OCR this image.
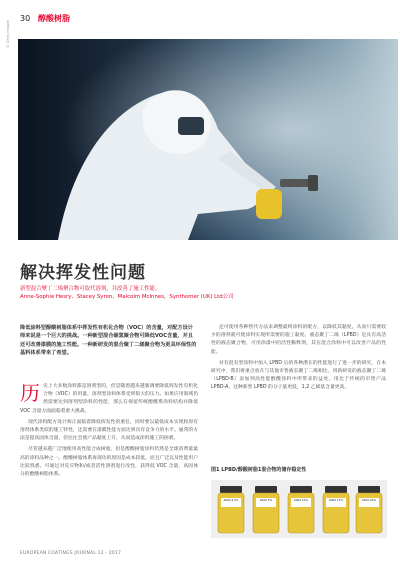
30 醇酸树脂
© Getty Images
解决挥发性问题
新型混合聚丁二烯聚合物可取代溶剂，并改善了施工性能。
Anne-Sophie Hesry、Stacey Syron、Malcolm McInnes，Synthomer (UK) Ltd公司
降低涂料型醇酸树脂体系中挥发性有机化合物（VOC）的含量，对配方设计师来说是一个巨大的挑战。一种新型混合碳氢聚合物可降低VOC含量，并且还可改善漆膜的施工性能。一种新研发的混合聚丁二烯聚合物为更具环保性的基料体系带来了希望。

历史上大多数涂料都是溶剂型的，但是随着越来越强调要降低挥发性有机化合物（VOC）的用量，溶剂型涂料体系受到很大的压力。如果应用领域仍然需要达到溶剂型涂料的性能，那么在保留传统醇酸系涂料结构并降低 VOC 含量方面面临着重大挑战。

现代涂料配方设计师正面临着降低挥发性的重任，同时要以最低成本实现和原有溶剂体系类似的施工特性，还需要在漆膜性能方面达到具有竞争力的水平。通常的方法是提高固体含量，但往往会使产品黏度上升，从而造成涂料施工的困难。

尽管越来越广泛地使用高性能合成树脂，但是醇酸树脂涂料仍然是全球消费量最高的涂料品种之一。醇酸树脂体系再现功的原因是成本较低，而且广泛以及性能用户比较熟悉。可通过对反应物和/或者活性溶剂进行改性，获得低 VOC 含量、高固体分的醇酸树脂体系。

还可使用各种替代方法来调整最终涂料的配方，以降低其黏度。从而只需要较少的溶剂就可使涂料实现所需要的施工黏度。液态聚丁二烯（LPBD）是具有高活性的液态聚合物，可用涂漆中的活性稀释剂，其在混合涂料中可以改善产品的性能。

对有混有型涂料中加入 LPBD 后的各种潜在的性能进行了进一步的研究，在本研究中，我们将重点放在与其他市售液态聚丁二烯相比，用新研发的液态聚丁二烯（LPBD-B）添加到高性能醇酸涂料中所带来的益处。用比于传统的市售产品 LPBD-A，这种新型 LPBD 的分子量更低，1,2 乙烯基含量更高。

图1 LPBD/醇酸树脂1混合物的储存稳定性
2000 2.5%	2000 5%	2000 10%	2000 15%	2000 20%
EUROPEAN COATINGS JOURNAL 12 - 2017
